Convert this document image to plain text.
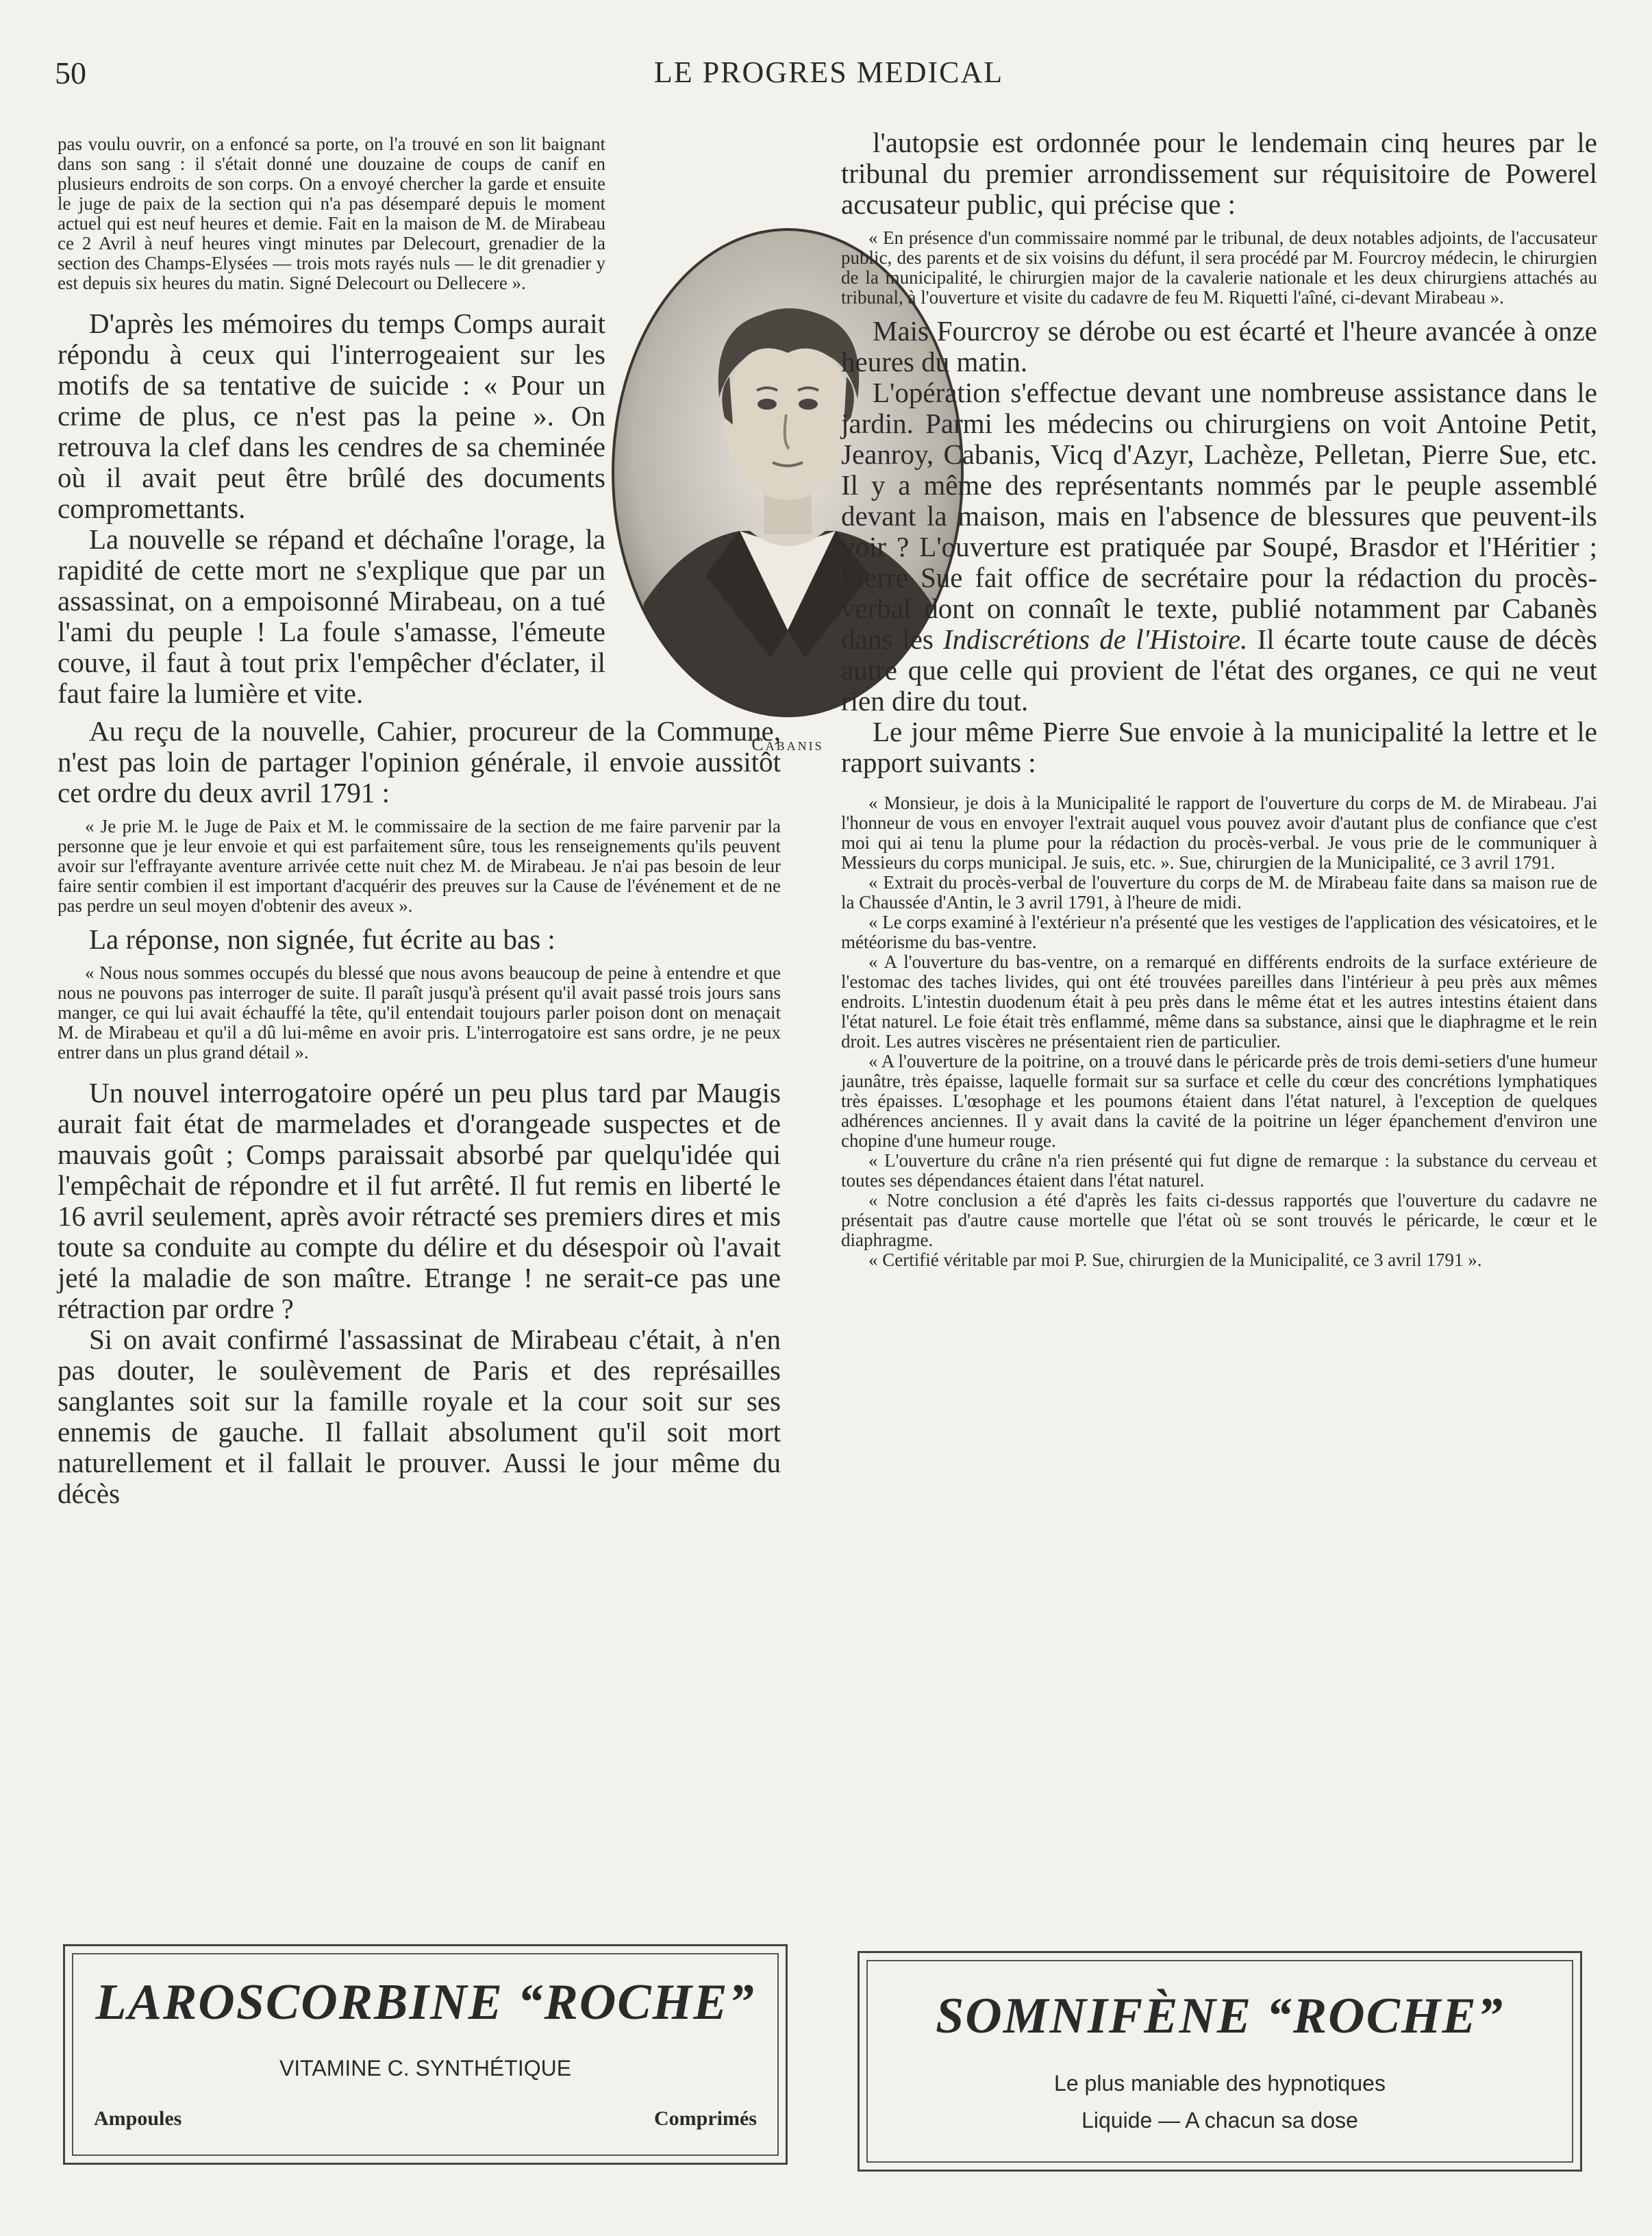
50	LE PROGRES MEDICAL

pas voulu ouvrir, on a enfoncé sa porte, on l'a trouvé en son lit baignant dans son sang : il s'était donné une douzaine de coups de canif en plusieurs endroits de son corps. On a envoyé chercher la garde et ensuite le juge de paix de la section qui n'a pas désemparé depuis le moment actuel qui est neuf heures et demie. Fait en la maison de M. de Mirabeau ce 2 Avril à neuf heures vingt minutes par Delecourt, grenadier de la section des Champs-Elysées — trois mots rayés nuls — le dit grenadier y est depuis six heures du matin. Signé Delecourt ou Dellecere ».

D'après les mémoires du temps Comps aurait répondu à ceux qui l'interrogeaient sur les motifs de sa tentative de suicide : « Pour un crime de plus, ce n'est pas la peine ». On retrouva la clef dans les cendres de sa cheminée où il avait peut être brûlé des documents compromettants.

La nouvelle se répand et déchaîne l'orage, la rapidité de cette mort ne s'explique que par un assassinat, on a empoisonné Mirabeau, on a tué l'ami du peuple ! La foule s'amasse, l'émeute couve, il faut à tout prix l'empêcher d'éclater, il faut faire la lumière et vite.

Au reçu de la nouvelle, Cahier, procureur de la Commune, n'est pas loin de partager l'opinion générale, il envoie aussitôt cet ordre du deux avril 1791 :

« Je prie M. le Juge de Paix et M. le commissaire de la section de me faire parvenir par la personne que je leur envoie et qui est parfaitement sûre, tous les renseignements qu'ils peuvent avoir sur l'effrayante aventure arrivée cette nuit chez M. de Mirabeau. Je n'ai pas besoin de leur faire sentir combien il est important d'acquérir des preuves sur la Cause de l'événement et de ne pas perdre un seul moyen d'obtenir des aveux ».

La réponse, non signée, fut écrite au bas :

« Nous nous sommes occupés du blessé que nous avons beaucoup de peine à entendre et que nous ne pouvons pas interroger de suite. Il paraît jusqu'à présent qu'il avait passé trois jours sans manger, ce qui lui avait échauffé la tête, qu'il entendait toujours parler poison dont on menaçait M. de Mirabeau et qu'il a dû lui-même en avoir pris. L'interrogatoire est sans ordre, je ne peux entrer dans un plus grand détail ».

Un nouvel interrogatoire opéré un peu plus tard par Maugis aurait fait état de marmelades et d'orangeade suspectes et de mauvais goût ; Comps paraissait absorbé par quelqu'idée qui l'empêchait de répondre et il fut arrêté. Il fut remis en liberté le 16 avril seulement, après avoir rétracté ses premiers dires et mis toute sa conduite au compte du délire et du désespoir où l'avait jeté la maladie de son maître. Etrange ! ne serait-ce pas une rétraction par ordre ?

Si on avait confirmé l'assassinat de Mirabeau c'était, à n'en pas douter, le soulèvement de Paris et des représailles sanglantes soit sur la famille royale et la cour soit sur ses ennemis de gauche. Il fallait absolument qu'il soit mort naturellement et il fallait le prouver. Aussi le jour même du décès

Cabanis

l'autopsie est ordonnée pour le lendemain cinq heures par le tribunal du premier arrondissement sur réquisitoire de Powerel accusateur public, qui précise que :

« En présence d'un commissaire nommé par le tribunal, de deux notables adjoints, de l'accusateur public, des parents et de six voisins du défunt, il sera procédé par M. Fourcroy médecin, le chirurgien de la municipalité, le chirurgien major de la cavalerie nationale et les deux chirurgiens attachés au tribunal, à l'ouverture et visite du cadavre de feu M. Riquetti l'aîné, ci-devant Mirabeau ».

Mais Fourcroy se dérobe ou est écarté et l'heure avancée à onze heures du matin.

L'opération s'effectue devant une nombreuse assistance dans le jardin. Parmi les médecins ou chirurgiens on voit Antoine Petit, Jeanroy, Cabanis, Vicq d'Azyr, Lachèze, Pelletan, Pierre Sue, etc. Il y a même des représentants nommés par le peuple assemblé devant la maison, mais en l'absence de blessures que peuvent-ils voir ? L'ouverture est pratiquée par Soupé, Brasdor et l'Héritier ; Pierre Sue fait office de secrétaire pour la rédaction du procès-verbal dont on connaît le texte, publié notamment par Cabanès dans les Indiscrétions de l'Histoire. Il écarte toute cause de décès autre que celle qui provient de l'état des organes, ce qui ne veut rien dire du tout.

Le jour même Pierre Sue envoie à la municipalité la lettre et le rapport suivants :

« Monsieur, je dois à la Municipalité le rapport de l'ouverture du corps de M. de Mirabeau. J'ai l'honneur de vous en envoyer l'extrait auquel vous pouvez avoir d'autant plus de confiance que c'est moi qui ai tenu la plume pour la rédaction du procès-verbal. Je vous prie de le communiquer à Messieurs du corps municipal. Je suis, etc. ». Sue, chirurgien de la Municipalité, ce 3 avril 1791.

« Extrait du procès-verbal de l'ouverture du corps de M. de Mirabeau faite dans sa maison rue de la Chaussée d'Antin, le 3 avril 1791, à l'heure de midi.

« Le corps examiné à l'extérieur n'a présenté que les vestiges de l'application des vésicatoires, et le météorisme du bas-ventre.

« A l'ouverture du bas-ventre, on a remarqué en différents endroits de la surface extérieure de l'estomac des taches livides, qui ont été trouvées pareilles dans l'intérieur à peu près aux mêmes endroits. L'intestin duodenum était à peu près dans le même état et les autres intestins étaient dans l'état naturel. Le foie était très enflammé, même dans sa substance, ainsi que le diaphragme et le rein droit. Les autres viscères ne présentaient rien de particulier.

« A l'ouverture de la poitrine, on a trouvé dans le péricarde près de trois demi-setiers d'une humeur jaunâtre, très épaisse, laquelle formait sur sa surface et celle du cœur des concrétions lymphatiques très épaisses. L'œsophage et les poumons étaient dans l'état naturel, à l'exception de quelques adhérences anciennes. Il y avait dans la cavité de la poitrine un léger épanchement d'environ une chopine d'une humeur rouge.

« L'ouverture du crâne n'a rien présenté qui fut digne de remarque : la substance du cerveau et toutes ses dépendances étaient dans l'état naturel.

« Notre conclusion a été d'après les faits ci-dessus rapportés que l'ouverture du cadavre ne présentait pas d'autre cause mortelle que l'état où se sont trouvés le péricarde, le cœur et le diaphragme.

« Certifié véritable par moi P. Sue, chirurgien de la Municipalité, ce 3 avril 1791 ».

LAROSCORBINE “ROCHE”
VITAMINE C. SYNTHÉTIQUE
Ampoules	Comprimés
SOMNIFÈNE “ROCHE”
Le plus maniable des hypnotiques
Liquide — A chacun sa dose
